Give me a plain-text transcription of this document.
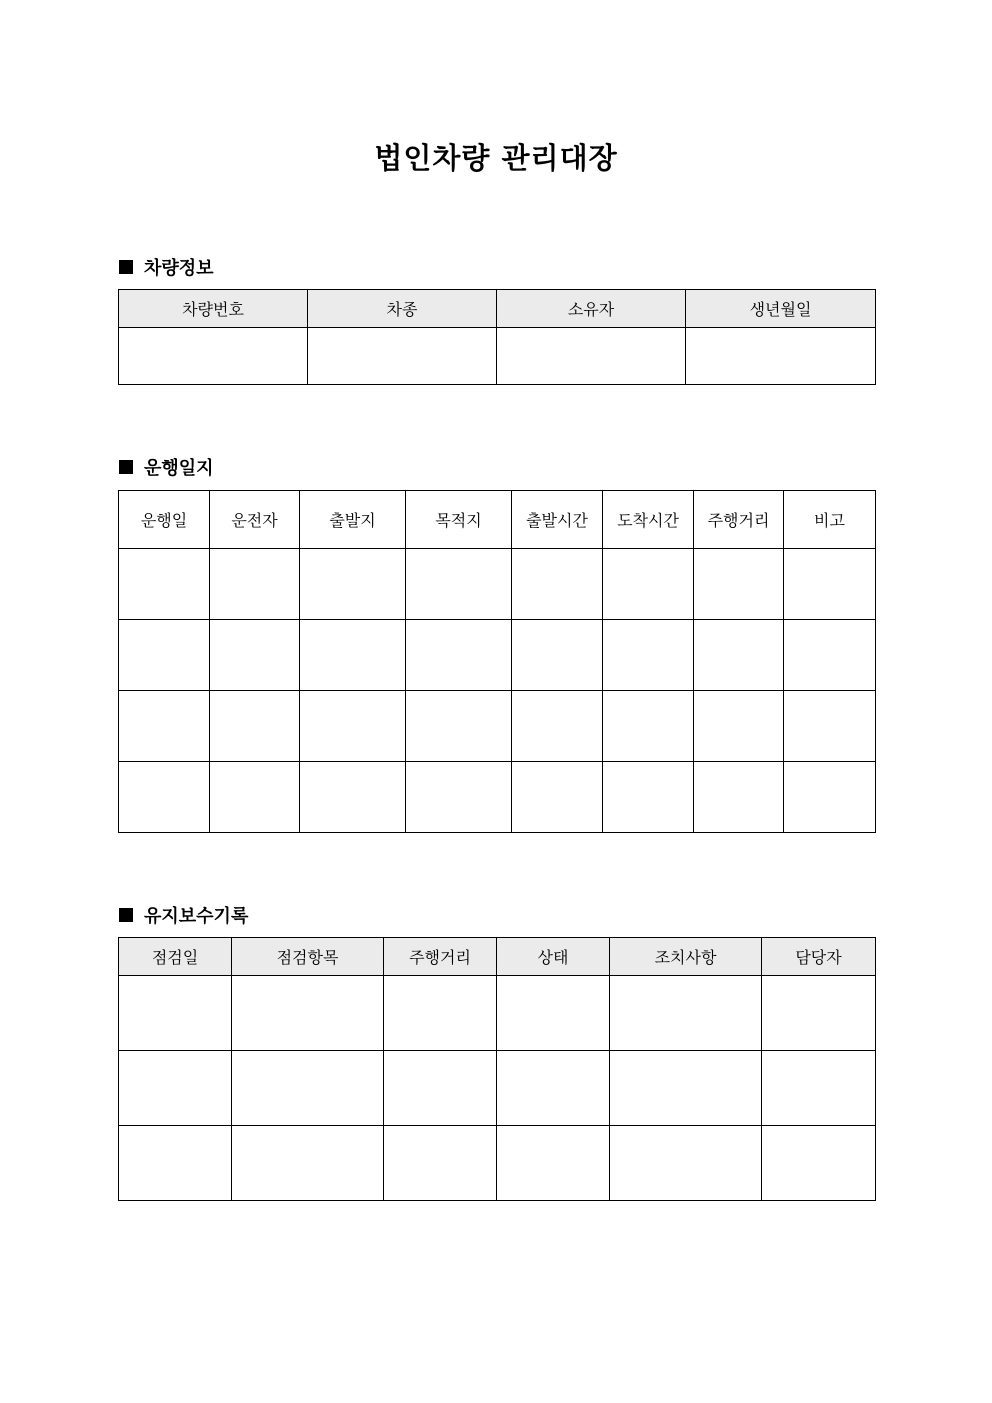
법인차량 관리대장
차량정보
차량번호	차종	소유자	생년월일

운행일지
운행일	운전자	출발지	목적지	출발시간	도착시간	주행거리	비고

유지보수기록
점검일	점검항목	주행거리	상태	조치사항	담당자
